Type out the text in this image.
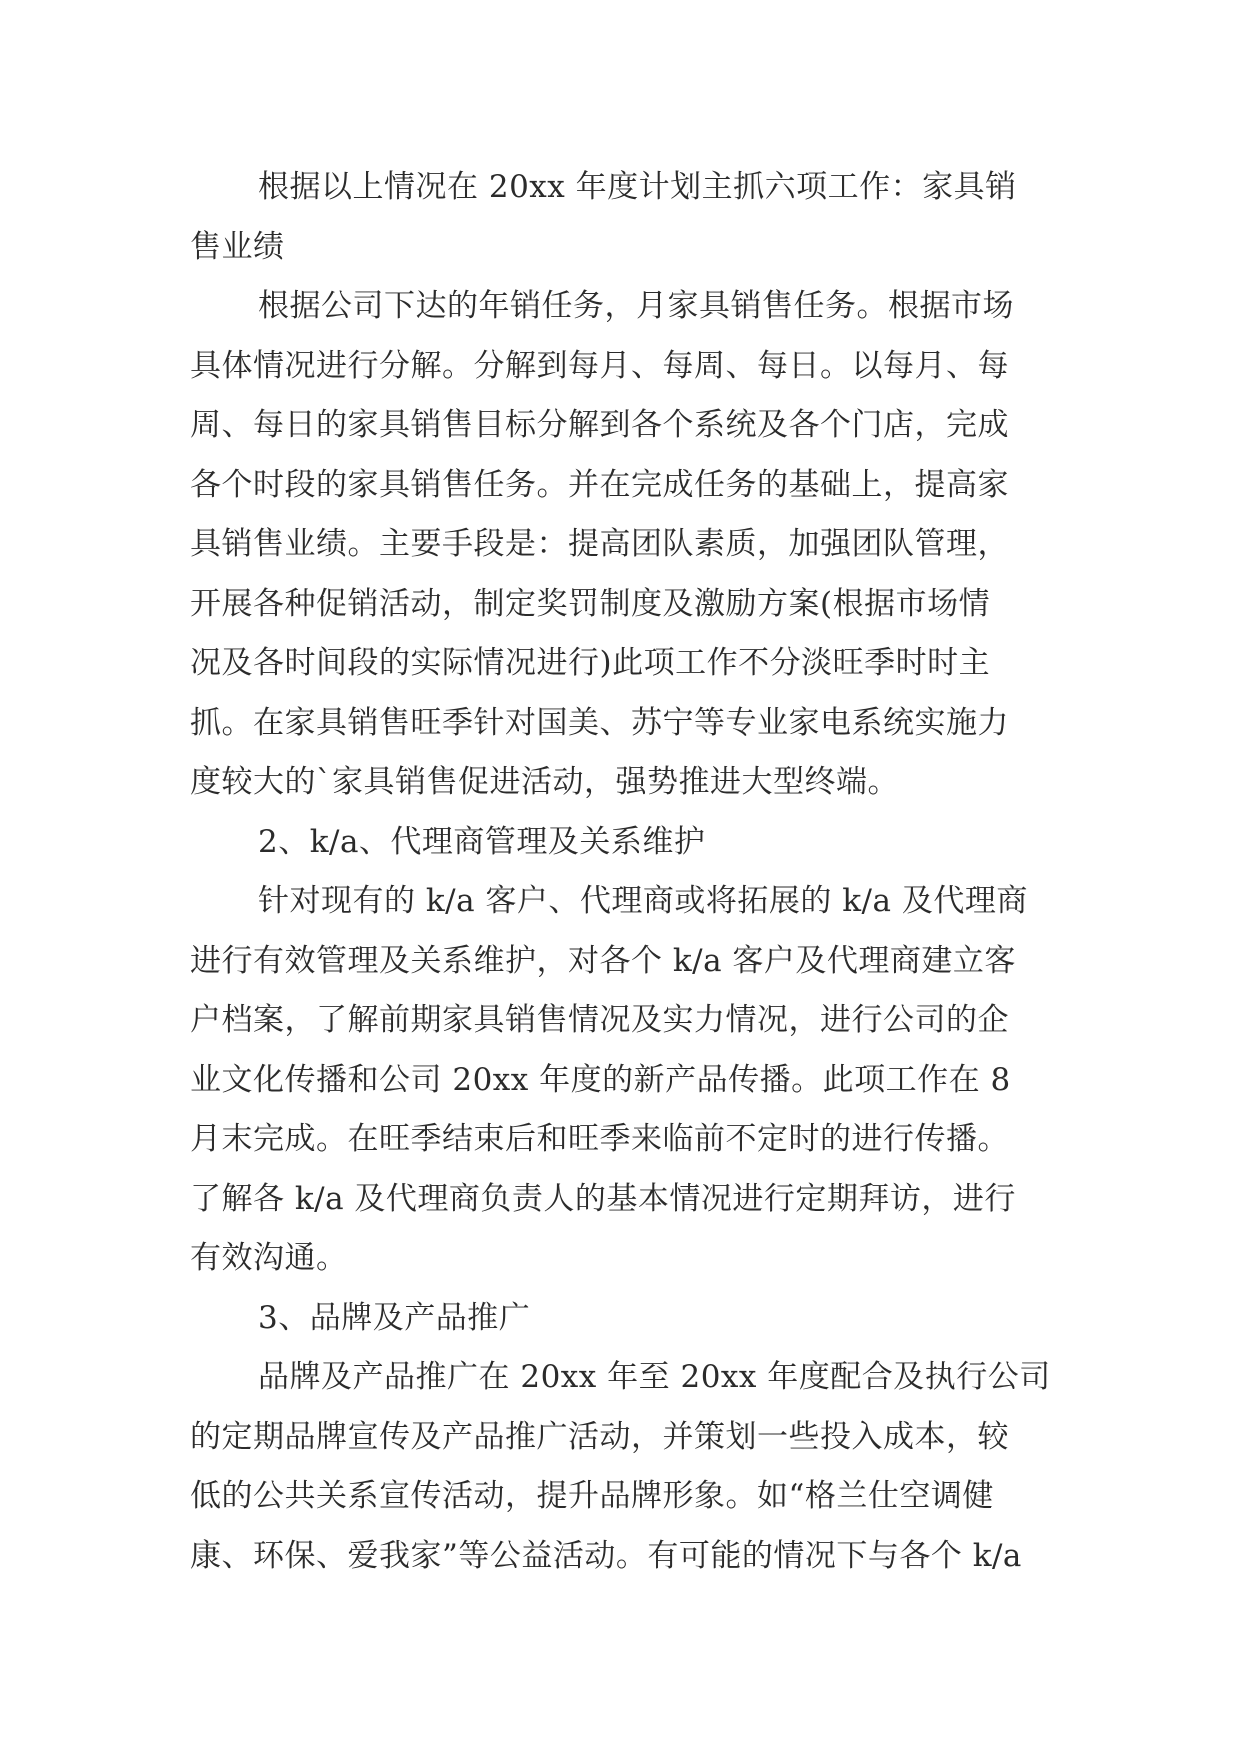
根据以上情况在 20xx 年度计划主抓六项工作：家具销
售业绩
根据公司下达的年销任务，月家具销售任务。根据市场
具体情况进行分解。分解到每月、每周、每日。以每月、每
周、每日的家具销售目标分解到各个系统及各个门店，完成
各个时段的家具销售任务。并在完成任务的基础上，提高家
具销售业绩。主要手段是：提高团队素质，加强团队管理，
开展各种促销活动，制定奖罚制度及激励方案(根据市场情
况及各时间段的实际情况进行)此项工作不分淡旺季时时主
抓。在家具销售旺季针对国美、苏宁等专业家电系统实施力
度较大的`家具销售促进活动，强势推进大型终端。
2、k/a、代理商管理及关系维护
针对现有的 k/a 客户、代理商或将拓展的 k/a 及代理商
进行有效管理及关系维护，对各个 k/a 客户及代理商建立客
户档案，了解前期家具销售情况及实力情况，进行公司的企
业文化传播和公司 20xx 年度的新产品传播。此项工作在 8
月末完成。在旺季结束后和旺季来临前不定时的进行传播。
了解各 k/a 及代理商负责人的基本情况进行定期拜访，进行
有效沟通。
3、品牌及产品推广
品牌及产品推广在 20xx 年至 20xx 年度配合及执行公司
的定期品牌宣传及产品推广活动，并策划一些投入成本，较
低的公共关系宣传活动，提升品牌形象。如“格兰仕空调健
康、环保、爱我家”等公益活动。有可能的情况下与各个 k/a
